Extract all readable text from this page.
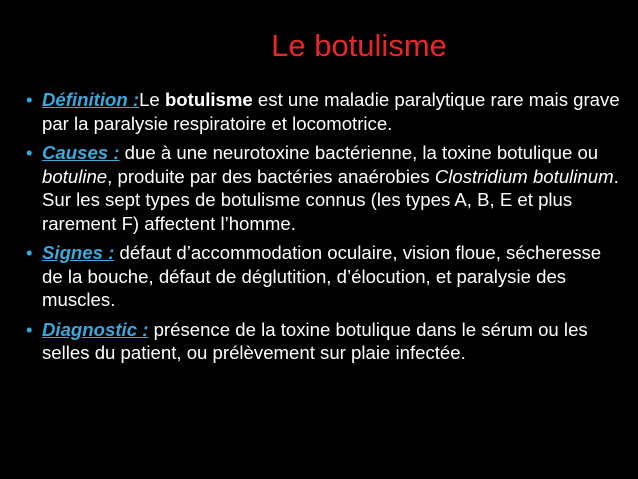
Le botulisme
• Définition :Le botulisme est une maladie paralytique rare mais grave par la paralysie respiratoire et locomotrice.
• Causes : due à une neurotoxine bactérienne, la toxine botulique ou botuline, produite par des bactéries anaérobies Clostridium botulinum. Sur les sept types de botulisme connus (les types A, B, E et plus rarement F) affectent l’homme.
• Signes : défaut d’accommodation oculaire, vision floue, sécheresse de la bouche, défaut de déglutition, d’élocution, et paralysie des muscles.
• Diagnostic : présence de la toxine botulique dans le sérum ou les selles du patient, ou prélèvement sur plaie infectée.
